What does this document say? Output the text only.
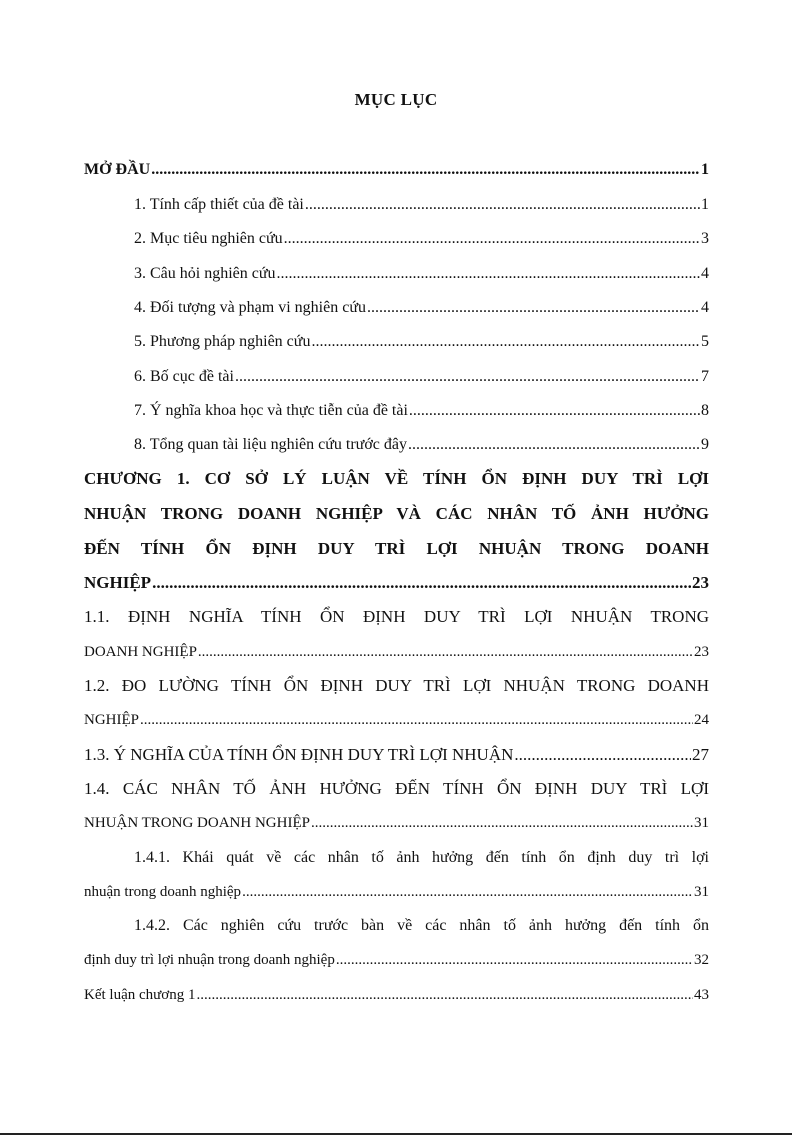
MỤC LỤC
MỞ ĐẦU .....	1
1. Tính cấp thiết của đề tài .....	1
2. Mục tiêu nghiên cứu .....	3
3. Câu hỏi nghiên cứu .....	4
4. Đối tượng và phạm vi nghiên cứu .....	4
5. Phương pháp nghiên cứu .....	5
6. Bố cục đề tài .....	7
7. Ý nghĩa khoa học và thực tiễn của đề tài .....	8
8. Tổng quan tài liệu nghiên cứu trước đây .....	9
CHƯƠNG 1. CƠ SỞ LÝ LUẬN VỀ TÍNH ỔN ĐỊNH DUY TRÌ LỢI
NHUẬN TRONG DOANH NGHIỆP VÀ CÁC NHÂN TỐ ẢNH HƯỞNG
ĐẾN TÍNH ỔN ĐỊNH DUY TRÌ LỢI NHUẬN TRONG DOANH
NGHIỆP .....	23
1.1. ĐỊNH NGHĨA TÍNH ỔN ĐỊNH DUY TRÌ LỢI NHUẬN TRONG
DOANH NGHIỆP .....	23
1.2. ĐO LƯỜNG TÍNH ỔN ĐỊNH DUY TRÌ LỢI NHUẬN TRONG DOANH
NGHIỆP .....	24
1.3. Ý NGHĨA CỦA TÍNH ỔN ĐỊNH DUY TRÌ LỢI NHUẬN .....	27
1.4. CÁC NHÂN TỐ ẢNH HƯỞNG ĐẾN TÍNH ỔN ĐỊNH DUY TRÌ LỢI
NHUẬN TRONG DOANH NGHIỆP .....	31
1.4.1. Khái quát về các nhân tố ảnh hưởng đến tính ổn định duy trì lợi
nhuận trong doanh nghiệp .....	31
1.4.2. Các nghiên cứu trước bàn về các nhân tố ảnh hưởng đến tính ổn
định duy trì lợi nhuận trong doanh nghiệp .....	32
Kết luận chương 1 .....	43
